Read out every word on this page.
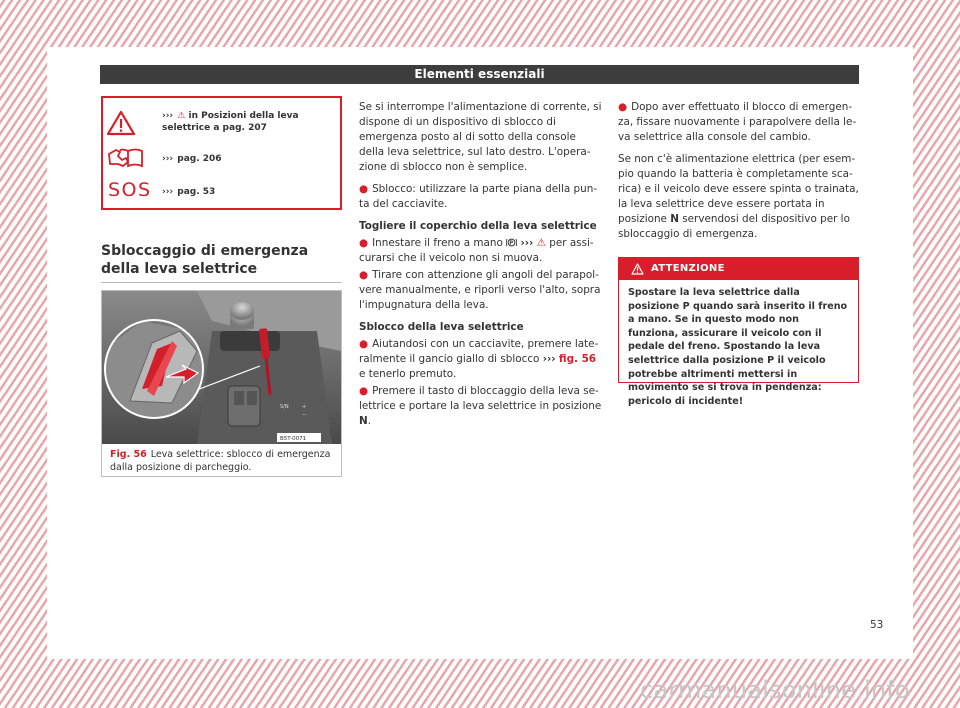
Elementi essenziali
››› ⚠ in Posizioni della leva selettrice a pag. 207
››› pag. 206
SOS ››› pag. 53
Sbloccaggio di emergenza della leva selettrice
S/N	+
−
B5T-0071
Fig. 56 Leva selettrice: sblocco di emergenza dalla posizione di parcheggio.

Se si interrompe l'alimentazione di corrente, si dispone di un dispositivo di sblocco di emergenza posto al di sotto della console della leva selettrice, sul lato destro. L'operazione di sblocco non è semplice.

● Sblocco: utilizzare la parte piana della punta del cacciavite.

Togliere il coperchio della leva selettrice

● Innestare il freno a mano P ››› ⚠ per assicurarsi che il veicolo non si muova.

● Tirare con attenzione gli angoli del parapolvere manualmente, e riporli verso l'alto, sopra l'impugnatura della leva.

Sblocco della leva selettrice

● Aiutandosi con un cacciavite, premere lateralmente il gancio giallo di sblocco ››› fig. 56 e tenerlo premuto.

● Premere il tasto di bloccaggio della leva selettrice e portare la leva selettrice in posizione N.

● Dopo aver effettuato il blocco di emergenza, fissare nuovamente i parapolvere della leva selettrice alla console del cambio.

Se non c'è alimentazione elettrica (per esempio quando la batteria è completamente scarica) e il veicolo deve essere spinta o trainata, la leva selettrice deve essere portata in posizione N servendosi del dispositivo per lo sbloccaggio di emergenza.

ATTENZIONE
Spostare la leva selettrice dalla posizione P quando sarà inserito il freno a mano. Se in questo modo non funziona, assicurare il veicolo con il pedale del freno. Spostando la leva selettrice dalla posizione P il veicolo potrebbe altrimenti mettersi in movimento se si trova in pendenza: pericolo di incidente!
53
carmanualsonline.info
